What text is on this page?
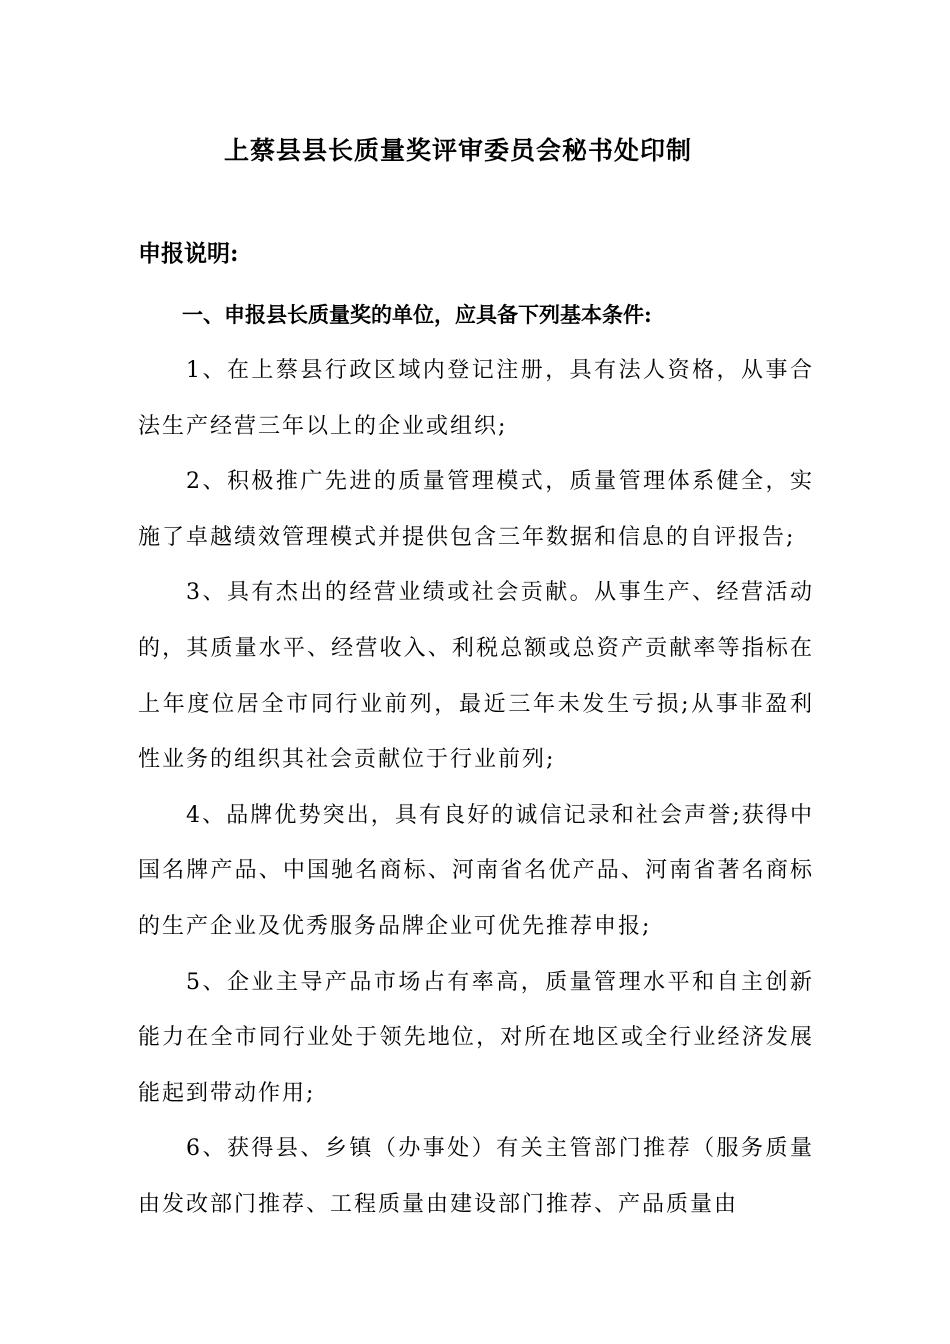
上蔡县县长质量奖评审委员会秘书处印制
申报说明:
一、申报县长质量奖的单位，应具备下列基本条件:

1、在上蔡县行政区域内登记注册，具有法人资格，从事合法生产经营三年以上的企业或组织;

2、积极推广先进的质量管理模式，质量管理体系健全，实施了卓越绩效管理模式并提供包含三年数据和信息的自评报告;

3、具有杰出的经营业绩或社会贡献。从事生产、经营活动的，其质量水平、经营收入、利税总额或总资产贡献率等指标在上年度位居全市同行业前列，最近三年未发生亏损;从事非盈利性业务的组织其社会贡献位于行业前列;

4、品牌优势突出，具有良好的诚信记录和社会声誉;获得中国名牌产品、中国驰名商标、河南省名优产品、河南省著名商标的生产企业及优秀服务品牌企业可优先推荐申报;

5、企业主导产品市场占有率高，质量管理水平和自主创新能力在全市同行业处于领先地位，对所在地区或全行业经济发展能起到带动作用;

6、获得县、乡镇（办事处）有关主管部门推荐（服务质量由发改部门推荐、工程质量由建设部门推荐、产品质量由
